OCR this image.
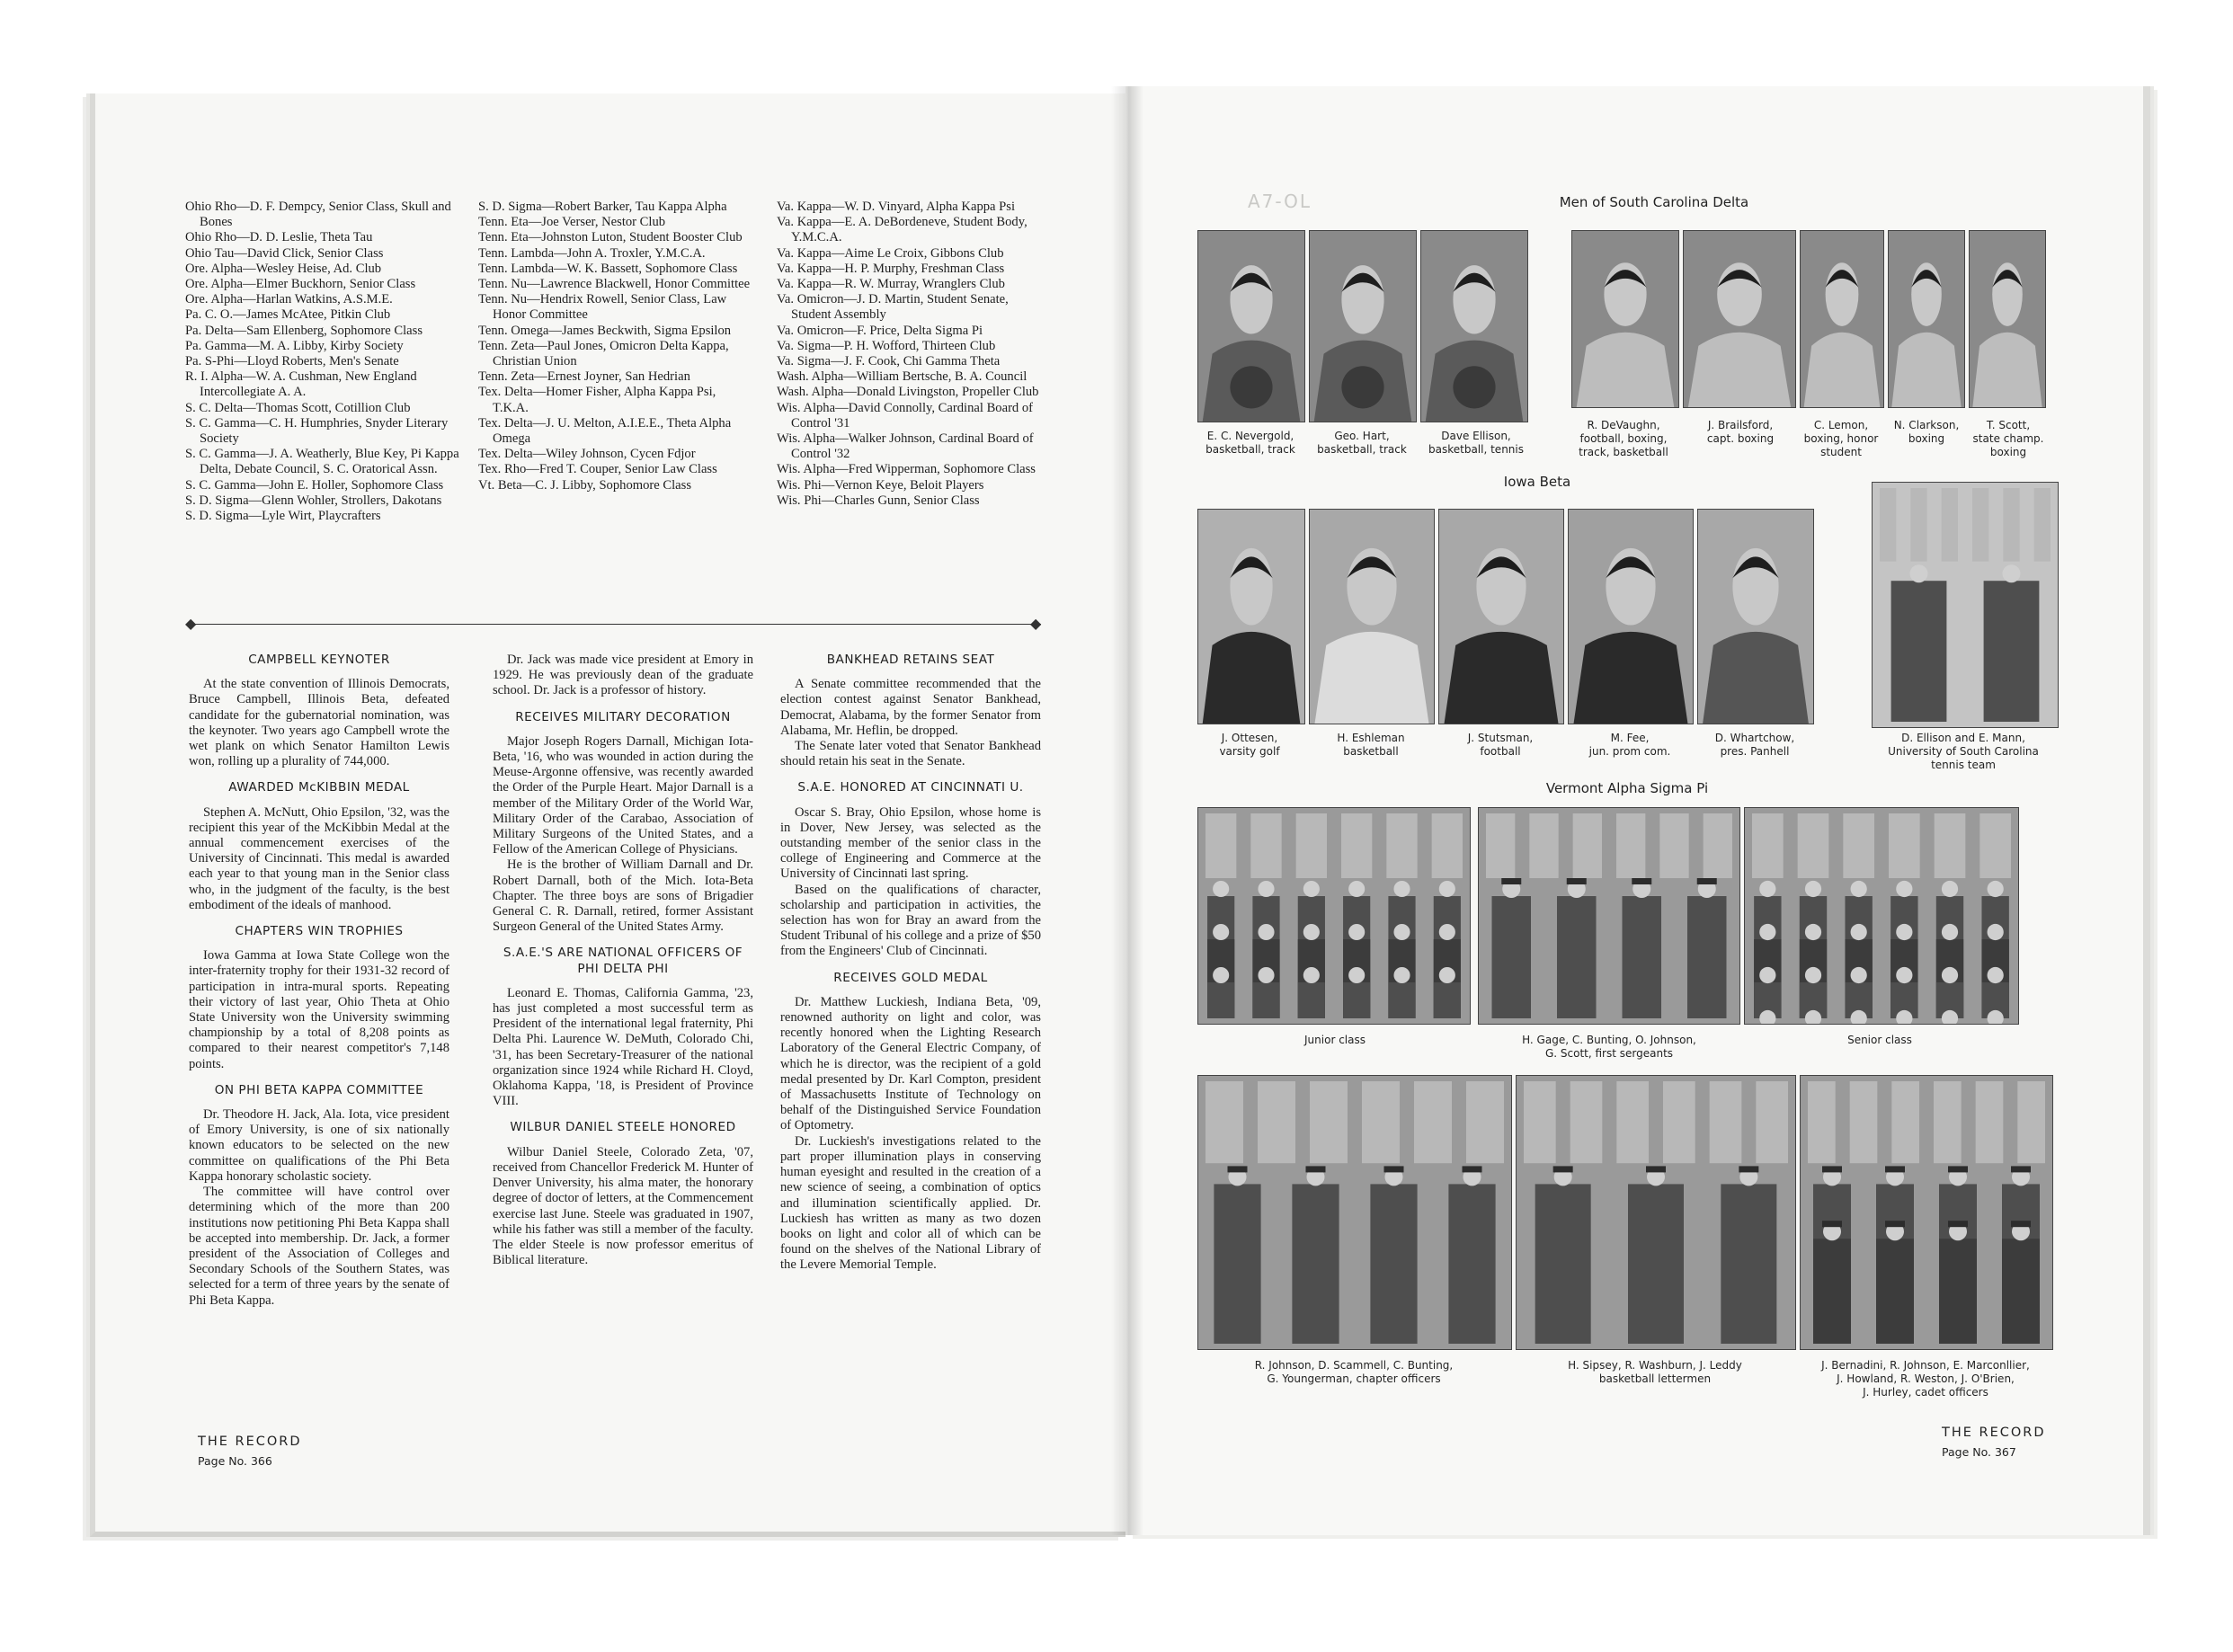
Ohio Rho—D. F. Dempcy, Senior Class, Skull and Bones
Ohio Rho—D. D. Leslie, Theta Tau
Ohio Tau—David Click, Senior Class
Ore. Alpha—Wesley Heise, Ad. Club
Ore. Alpha—Elmer Buckhorn, Senior Class
Ore. Alpha—Harlan Watkins, A.S.M.E.
Pa. C. O.—James McAtee, Pitkin Club
Pa. Delta—Sam Ellenberg, Sophomore Class
Pa. Gamma—M. A. Libby, Kirby Society
Pa. S-Phi—Lloyd Roberts, Men's Senate
R. I. Alpha—W. A. Cushman, New England Intercollegiate A. A.
S. C. Delta—Thomas Scott, Cotillion Club
S. C. Gamma—C. H. Humphries, Snyder Literary Society
S. C. Gamma—J. A. Weatherly, Blue Key, Pi Kappa Delta, Debate Council, S. C. Oratorical Assn.
S. C. Gamma—John E. Holler, Sophomore Class
S. D. Sigma—Glenn Wohler, Strollers, Dakotans
S. D. Sigma—Lyle Wirt, Playcrafters
S. D. Sigma—Robert Barker, Tau Kappa Alpha
Tenn. Eta—Joe Verser, Nestor Club
Tenn. Eta—Johnston Luton, Student Booster Club
Tenn. Lambda—John A. Troxler, Y.M.C.A.
Tenn. Lambda—W. K. Bassett, Sophomore Class
Tenn. Nu—Lawrence Blackwell, Honor Committee
Tenn. Nu—Hendrix Rowell, Senior Class, Law Honor Committee
Tenn. Omega—James Beckwith, Sigma Epsilon
Tenn. Zeta—Paul Jones, Omicron Delta Kappa, Christian Union
Tenn. Zeta—Ernest Joyner, San Hedrian
Tex. Delta—Homer Fisher, Alpha Kappa Psi, T.K.A.
Tex. Delta—J. U. Melton, A.I.E.E., Theta Alpha Omega
Tex. Delta—Wiley Johnson, Cycen Fdjor
Tex. Rho—Fred T. Couper, Senior Law Class
Vt. Beta—C. J. Libby, Sophomore Class
Va. Kappa—W. D. Vinyard, Alpha Kappa Psi
Va. Kappa—E. A. DeBordeneve, Student Body, Y.M.C.A.
Va. Kappa—Aime Le Croix, Gibbons Club
Va. Kappa—H. P. Murphy, Freshman Class
Va. Kappa—R. W. Murray, Wranglers Club
Va. Omicron—J. D. Martin, Student Senate, Student Assembly
Va. Omicron—F. Price, Delta Sigma Pi
Va. Sigma—P. H. Wofford, Thirteen Club
Va. Sigma—J. F. Cook, Chi Gamma Theta
Wash. Alpha—William Bertsche, B. A. Council
Wash. Alpha—Donald Livingston, Propeller Club
Wis. Alpha—David Connolly, Cardinal Board of Control '31
Wis. Alpha—Walker Johnson, Cardinal Board of Control '32
Wis. Alpha—Fred Wipperman, Sophomore Class
Wis. Phi—Vernon Keye, Beloit Players
Wis. Phi—Charles Gunn, Senior Class
◆	◆
CAMPBELL KEYNOTER

At the state convention of Illinois Democrats, Bruce Campbell, Illinois Beta, defeated candidate for the gubernatorial nomination, was the keynoter. Two years ago Campbell wrote the wet plank on which Senator Hamilton Lewis won, rolling up a plurality of 744,000.

AWARDED McKIBBIN MEDAL

Stephen A. McNutt, Ohio Epsilon, '32, was the recipient this year of the McKibbin Medal at the annual commencement exercises of the University of Cincinnati. This medal is awarded each year to that young man in the Senior class who, in the judgment of the faculty, is the best embodiment of the ideals of manhood.

CHAPTERS WIN TROPHIES

Iowa Gamma at Iowa State College won the inter-fraternity trophy for their 1931-32 record of participation in intra-mural sports. Repeating their victory of last year, Ohio Theta at Ohio State University won the University swimming championship by a total of 8,208 points as compared to their nearest competitor's 7,148 points.

ON PHI BETA KAPPA COMMITTEE

Dr. Theodore H. Jack, Ala. Iota, vice president of Emory University, is one of six nationally known educators to be selected on the new committee on qualifications of the Phi Beta Kappa honorary scholastic society.

The committee will have control over determining which of the more than 200 institutions now petitioning Phi Beta Kappa shall be accepted into membership. Dr. Jack, a former president of the Association of Colleges and Secondary Schools of the Southern States, was selected for a term of three years by the senate of Phi Beta Kappa.

Dr. Jack was made vice president at Emory in 1929. He was previously dean of the graduate school. Dr. Jack is a professor of history.

RECEIVES MILITARY DECORATION

Major Joseph Rogers Darnall, Michigan Iota-Beta, '16, who was wounded in action during the Meuse-Argonne offensive, was recently awarded the Order of the Purple Heart. Major Darnall is a member of the Military Order of the World War, Military Order of the Carabao, Association of Military Surgeons of the United States, and a Fellow of the American College of Physicians.

He is the brother of William Darnall and Dr. Robert Darnall, both of the Mich. Iota-Beta Chapter. The three boys are sons of Brigadier General C. R. Darnall, retired, former Assistant Surgeon General of the United States Army.

S.A.E.'S ARE NATIONAL OFFICERS OF PHI DELTA PHI

Leonard E. Thomas, California Gamma, '23, has just completed a most successful term as President of the international legal fraternity, Phi Delta Phi. Laurence W. DeMuth, Colorado Chi, '31, has been Secretary-Treasurer of the national organization since 1924 while Richard H. Cloyd, Oklahoma Kappa, '18, is President of Province VIII.

WILBUR DANIEL STEELE HONORED

Wilbur Daniel Steele, Colorado Zeta, '07, received from Chancellor Frederick M. Hunter of Denver University, his alma mater, the honorary degree of doctor of letters, at the Commencement exercise last June. Steele was graduated in 1907, while his father was still a member of the faculty. The elder Steele is now professor emeritus of Biblical literature.

BANKHEAD RETAINS SEAT

A Senate committee recommended that the election contest against Senator Bankhead, Democrat, Alabama, by the former Senator from Alabama, Mr. Heflin, be dropped.

The Senate later voted that Senator Bankhead should retain his seat in the Senate.

S.A.E. HONORED AT CINCINNATI U.

Oscar S. Bray, Ohio Epsilon, whose home is in Dover, New Jersey, was selected as the outstanding member of the senior class in the college of Engineering and Commerce at the University of Cincinnati last spring.

Based on the qualifications of character, scholarship and participation in activities, the selection has won for Bray an award from the Student Tribunal of his college and a prize of $50 from the Engineers' Club of Cincinnati.

RECEIVES GOLD MEDAL

Dr. Matthew Luckiesh, Indiana Beta, '09, renowned authority on light and color, was recently honored when the Lighting Research Laboratory of the General Electric Company, of which he is director, was the recipient of a gold medal presented by Dr. Karl Compton, president of Massachusetts Institute of Technology on behalf of the Distinguished Service Foundation of Optometry.

Dr. Luckiesh's investigations related to the part proper illumination plays in conserving human eyesight and resulted in the creation of a new science of seeing, a combination of optics and illumination scientifically applied. Dr. Luckiesh has written as many as two dozen books on light and color all of which can be found on the shelves of the National Library of the Levere Memorial Temple.

THE RECORD
Page No. 366
A7-OL	Men of South Carolina Delta
E. C. Nevergold,
basketball, track
Geo. Hart,
basketball, track
Dave Ellison,
basketball, tennis
R. DeVaughn,
football, boxing,
track, basketball
J. Brailsford,
capt. boxing
C. Lemon,
boxing, honor
student
N. Clarkson,
boxing
T. Scott,
state champ.
boxing
J. Ottesen,
varsity golf
H. Eshleman
basketball
J. Stutsman,
football
M. Fee,
jun. prom com.
D. Whartchow,
pres. Panhell
D. Ellison and E. Mann,
University of South Carolina
tennis team
Junior class	H. Gage, C. Bunting, O. Johnson,
G. Scott, first sergeants
Senior class
R. Johnson, D. Scammell, C. Bunting,
G. Youngerman, chapter officers
H. Sipsey, R. Washburn, J. Leddy
basketball lettermen
J. Bernadini, R. Johnson, E. Marconllier,
J. Howland, R. Weston, J. O'Brien,
J. Hurley, cadet officers
Iowa Beta
Vermont Alpha Sigma Pi
THE RECORD
Page No. 367
